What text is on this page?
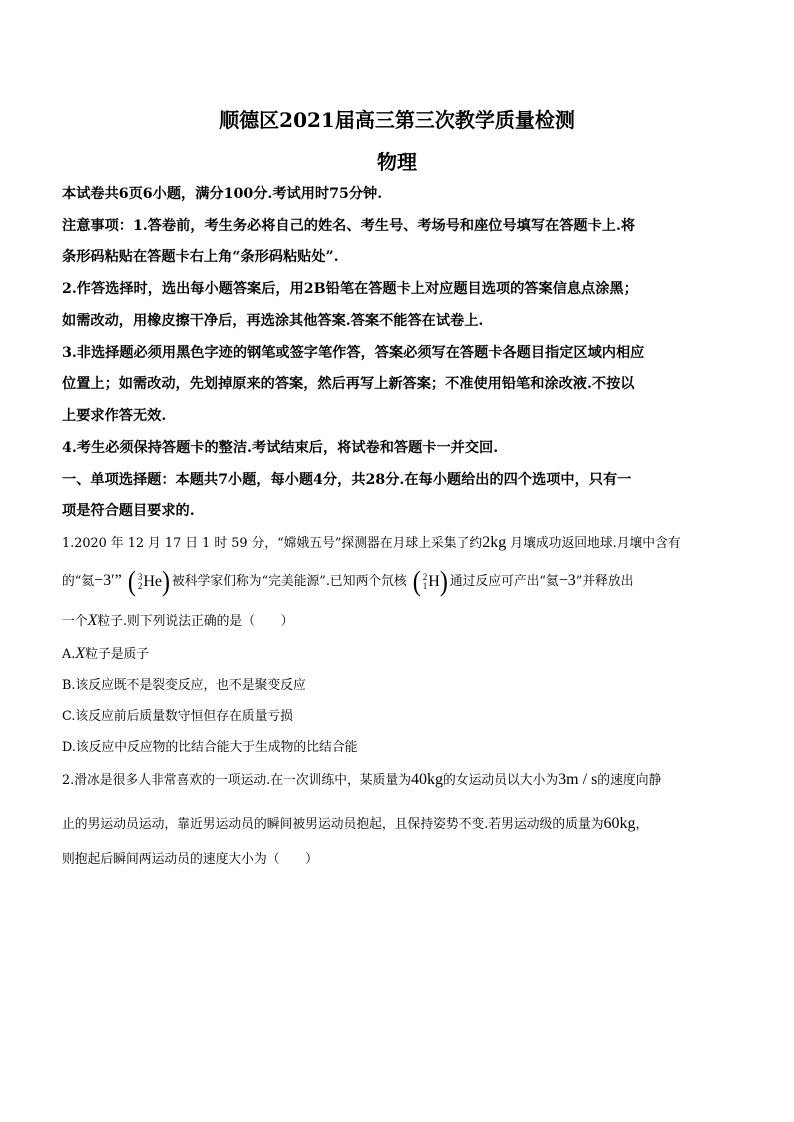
顺德区2021届高三第三次教学质量检测
物理
本试卷共6页6小题，满分100分.考试用时75分钟.
注意事项：1.答卷前，考生务必将自己的姓名、考生号、考场号和座位号填写在答题卡上.将
条形码粘贴在答题卡右上角“条形码粘贴处”.
2.作答选择时，选出每小题答案后，用2B铅笔在答题卡上对应题目选项的答案信息点涂黑；
如需改动，用橡皮擦干净后，再选涂其他答案.答案不能答在试卷上.
3.非选择题必须用黑色字迹的钢笔或签字笔作答，答案必须写在答题卡各题目指定区域内相应
位置上；如需改动，先划掉原来的答案，然后再写上新答案；不准使用铅笔和涂改液.不按以
上要求作答无效.
4.考生必须保持答题卡的整洁.考试结束后，将试卷和答题卡一并交回.
一、单项选择题：本题共7小题，每小题4分，共28分.在每小题给出的四个选项中，只有一
项是符合题目要求的.
1.2020 年 12 月 17 日 1 时 59 分，“嫦娥五号”探测器在月球上采集了约2kg 月壤成功返回地球.月壤中含有
的“氦−3′” ( 3
2 He ) 被科学家们称为“完美能源”.已知两个氘核 ( 2
1 H ) 通过反应可产出“氦−3”并释放出
一个X粒子.则下列说法正确的是（　　）
A.X粒子是质子
B.该反应既不是裂变反应，也不是聚变反应
C.该反应前后质量数守恒但存在质量亏损
D.该反应中反应物的比结合能大于生成物的比结合能
2.滑冰是很多人非常喜欢的一项运动.在一次训练中，某质量为40kg的女运动员以大小为3m / s的速度向静
止的男运动员运动，靠近男运动员的瞬间被男运动员抱起，且保持姿势不变.若男运动级的质量为60kg，
则抱起后瞬间两运动员的速度大小为（　　）
